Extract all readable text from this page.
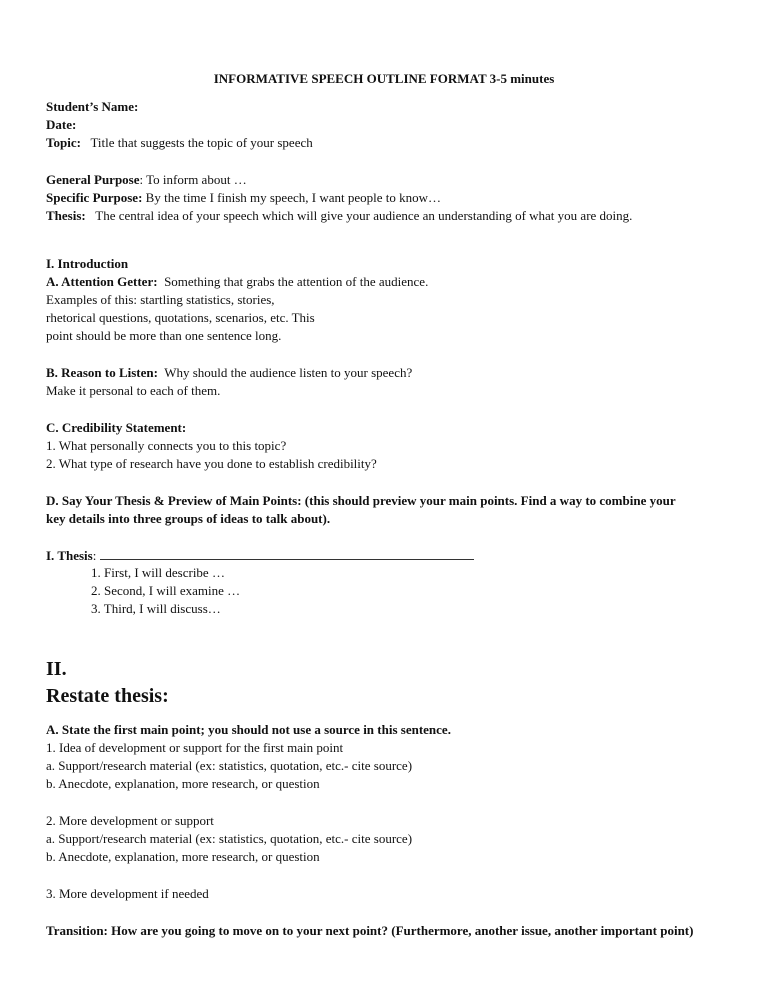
INFORMATIVE SPEECH OUTLINE FORMAT 3-5 minutes
Student’s Name:
Date:
Topic: Title that suggests the topic of your speech
General Purpose: To inform about …
Specific Purpose: By the time I finish my speech, I want people to know…
Thesis: The central idea of your speech which will give your audience an understanding of what you are doing.
I. Introduction
A. Attention Getter: Something that grabs the attention of the audience.
Examples of this: startling statistics, stories,
rhetorical questions, quotations, scenarios, etc. This
point should be more than one sentence long.
B. Reason to Listen: Why should the audience listen to your speech?
Make it personal to each of them.
C. Credibility Statement:
1. What personally connects you to this topic?
2. What type of research have you done to establish credibility?
D. Say Your Thesis & Preview of Main Points: (this should preview your main points. Find a way to combine your
key details into three groups of ideas to talk about).
I. Thesis:
1. First, I will describe …
2. Second, I will examine …
3. Third, I will discuss…
II.
Restate thesis:
A. State the first main point; you should not use a source in this sentence.
1. Idea of development or support for the first main point
a. Support/research material (ex: statistics, quotation, etc.- cite source)
b. Anecdote, explanation, more research, or question
2. More development or support
a. Support/research material (ex: statistics, quotation, etc.- cite source)
b. Anecdote, explanation, more research, or question
3. More development if needed
Transition: How are you going to move on to your next point? (Furthermore, another issue, another important point)
